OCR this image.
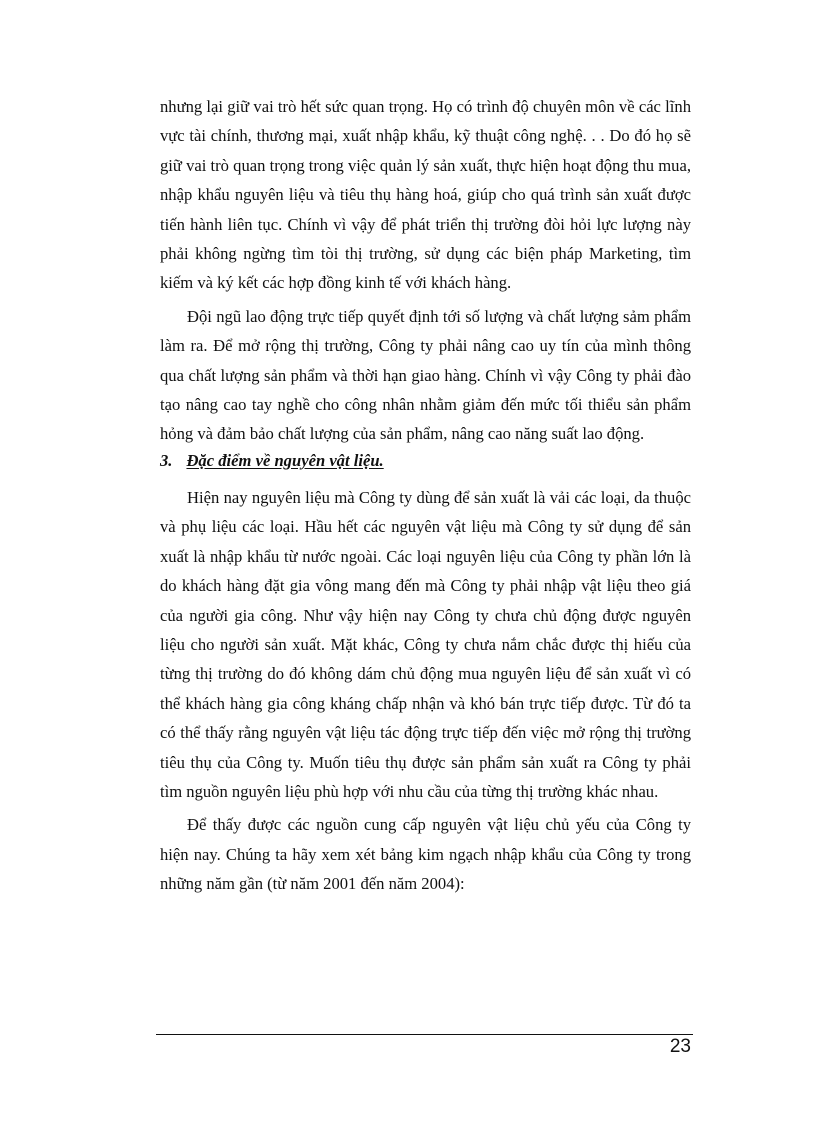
nhưng lại giữ vai trò hết sức quan trọng. Họ có trình độ chuyên môn về các lĩnh vực tài chính, thương mại, xuất nhập khẩu, kỹ thuật công nghệ. . . Do đó họ sẽ giữ vai trò quan trọng trong việc quản lý sản xuất, thực hiện hoạt động thu mua, nhập khẩu nguyên liệu và tiêu thụ hàng hoá, giúp cho quá trình sản xuất được tiến hành liên tục. Chính vì vậy để phát triển thị trường đòi hỏi lực lượng này phải không ngừng tìm tòi thị trường, sử dụng các biện pháp Marketing, tìm kiếm và ký kết các hợp đồng kinh tế với khách hàng.

Đội ngũ lao động trực tiếp quyết định tới số lượng và chất lượng sảm phẩm làm ra. Để mở rộng thị trường, Công ty phải nâng cao uy tín của mình thông qua chất lượng sản phẩm và thời hạn giao hàng. Chính vì vậy Công ty phải đào tạo nâng cao tay nghề cho công nhân nhằm giảm đến mức tối thiểu sản phẩm hỏng và đảm bảo chất lượng của sản phẩm, nâng cao năng suất lao động.

3. Đặc điểm về nguyên vật liệu.

Hiện nay nguyên liệu mà Công ty dùng để sản xuất là vải các loại, da thuộc và phụ liệu các loại. Hầu hết các nguyên vật liệu mà Công ty sử dụng để sản xuất là nhập khẩu từ nước ngoài. Các loại nguyên liệu của Công ty phần lớn là do khách hàng đặt gia vông mang đến mà Công ty phải nhập vật liệu theo giá của người gia công. Như vậy hiện nay Công ty chưa chủ động được nguyên liệu cho người sản xuất. Mặt khác, Công ty chưa nắm chắc được thị hiếu của từng thị trường do đó không dám chủ động mua nguyên liệu để sản xuất vì có thể khách hàng gia công kháng chấp nhận và khó bán trực tiếp được. Từ đó ta có thể thấy rằng nguyên vật liệu tác động trực tiếp đến việc mở rộng thị trường tiêu thụ của Công ty. Muốn tiêu thụ được sản phẩm sản xuất ra Công ty phải tìm nguồn nguyên liệu phù hợp với nhu cầu của từng thị trường khác nhau.

Để thấy được các nguồn cung cấp nguyên vật liệu chủ yếu của Công ty hiện nay. Chúng ta hãy xem xét bảng kim ngạch nhập khẩu của Công ty trong những năm gần (từ năm 2001 đến năm 2004):

23
